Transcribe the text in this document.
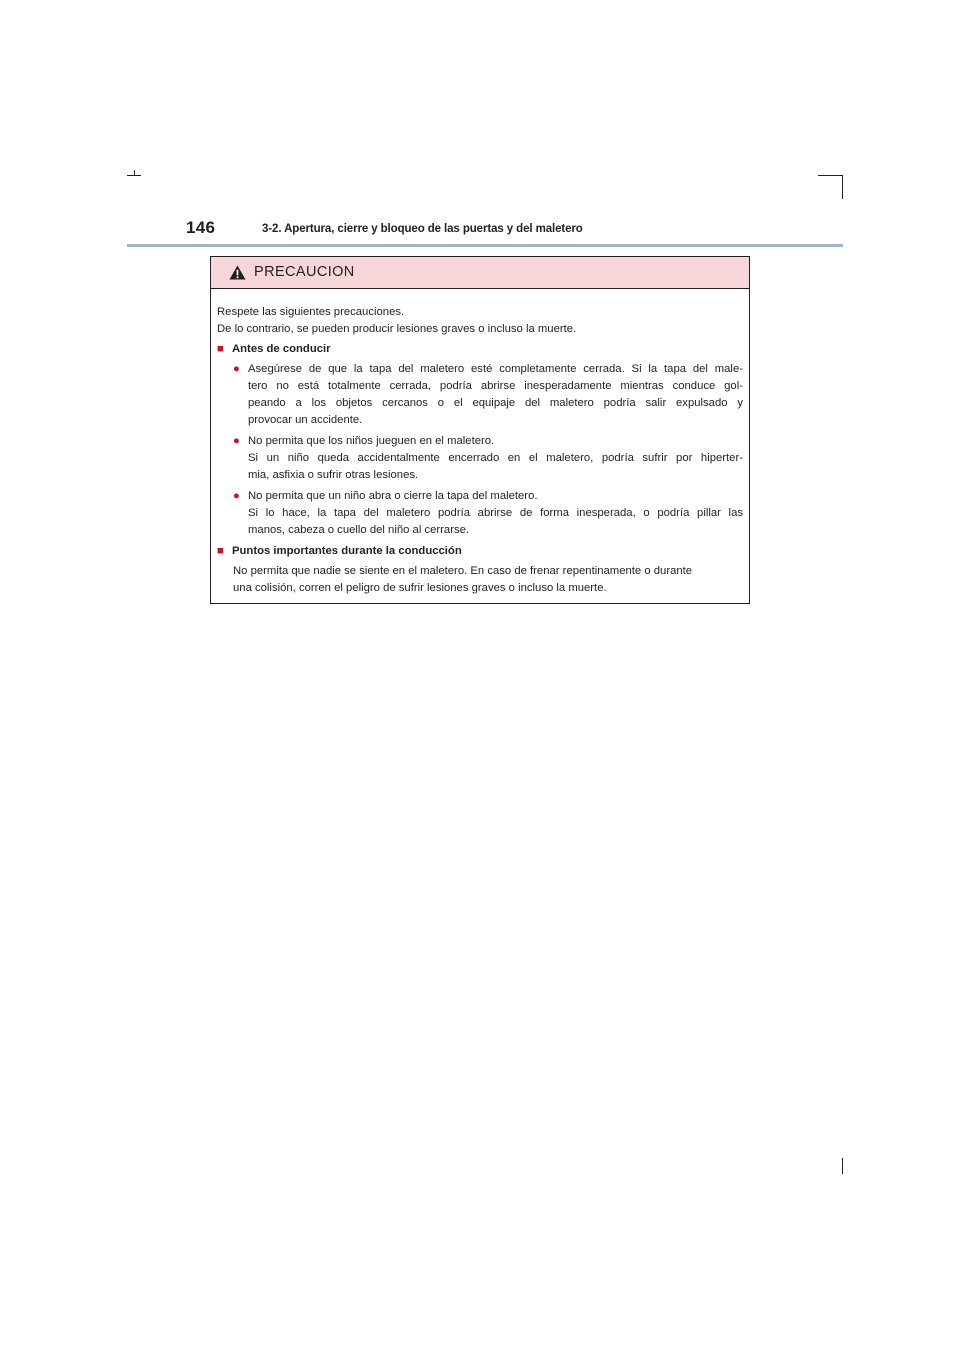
146	3-2. Apertura, cierre y bloqueo de las puertas y del maletero
PRECAUCION

Respete las siguientes precauciones.

De lo contrario, se pueden producir lesiones graves o incluso la muerte.

■ Antes de conducir
● Asegúrese de que la tapa del maletero esté completamente cerrada. Si la tapa del male-
tero no está totalmente cerrada, podría abrirse inesperadamente mientras conduce gol-
peando a los objetos cercanos o el equipaje del maletero podría salir expulsado y
provocar un accidente.
● No permita que los niños jueguen en el maletero.
Si un niño queda accidentalmente encerrado en el maletero, podría sufrir por hiperter-
mia, asfixia o sufrir otras lesiones.
● No permita que un niño abra o cierre la tapa del maletero.
Si lo hace, la tapa del maletero podría abrirse de forma inesperada, o podría pillar las
manos, cabeza o cuello del niño al cerrarse.
■ Puntos importantes durante la conducción

No permita que nadie se siente en el maletero. En caso de frenar repentinamente o durante

una colisión, corren el peligro de sufrir lesiones graves o incluso la muerte.
